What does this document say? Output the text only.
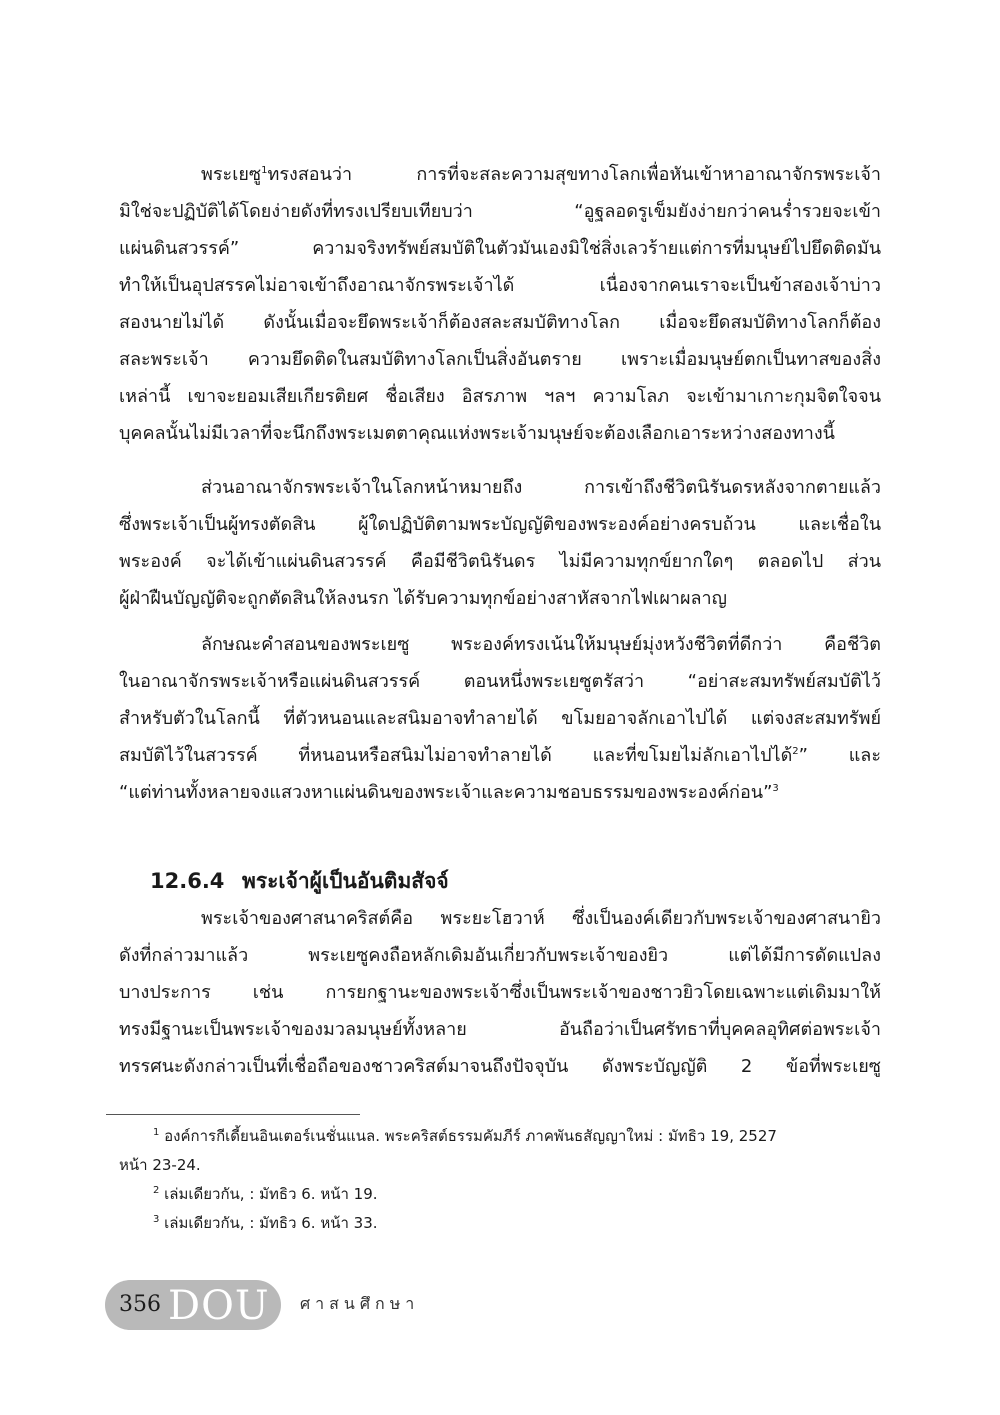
พระเยซู$^1$ทรงสอนว่า การที่จะสละความสุขทางโลกเพื่อหันเข้าหาอาณาจักรพระเจ้า
มิใช่จะปฏิบัติได้โดยง่ายดังที่ทรงเปรียบเทียบว่า “อูฐลอดรูเข็มยังง่ายกว่าคนร่ำรวยจะเข้า
แผ่นดินสวรรค์” ความจริงทรัพย์สมบัติในตัวมันเองมิใช่สิ่งเลวร้ายแต่การที่มนุษย์ไปยึดติดมัน
ทำให้เป็นอุปสรรคไม่อาจเข้าถึงอาณาจักรพระเจ้าได้ เนื่องจากคนเราจะเป็นข้าสองเจ้าบ่าว
สองนายไม่ได้ ดังนั้นเมื่อจะยึดพระเจ้าก็ต้องสละสมบัติทางโลก เมื่อจะยึดสมบัติทางโลกก็ต้อง
สละพระเจ้า ความยึดติดในสมบัติทางโลกเป็นสิ่งอันตราย เพราะเมื่อมนุษย์ตกเป็นทาสของสิ่ง
เหล่านี้ เขาจะยอมเสียเกียรติยศ ชื่อเสียง อิสรภาพ ฯลฯ ความโลภ จะเข้ามาเกาะกุมจิตใจจน
บุคคลนั้นไม่มีเวลาที่จะนึกถึงพระเมตตาคุณแห่งพระเจ้ามนุษย์จะต้องเลือกเอาระหว่างสองทางนี้
ส่วนอาณาจักรพระเจ้าในโลกหน้าหมายถึง การเข้าถึงชีวิตนิรันดรหลังจากตายแล้ว
ซึ่งพระเจ้าเป็นผู้ทรงตัดสิน ผู้ใดปฏิบัติตามพระบัญญัติของพระองค์อย่างครบถ้วน และเชื่อใน
พระองค์ จะได้เข้าแผ่นดินสวรรค์ คือมีชีวิตนิรันดร ไม่มีความทุกข์ยากใดๆ ตลอดไป ส่วน
ผู้ฝ่าฝืนบัญญัติจะถูกตัดสินให้ลงนรก ได้รับความทุกข์อย่างสาหัสจากไฟเผาผลาญ
ลักษณะคำสอนของพระเยซู พระองค์ทรงเน้นให้มนุษย์มุ่งหวังชีวิตที่ดีกว่า คือชีวิต
ในอาณาจักรพระเจ้าหรือแผ่นดินสวรรค์ ตอนหนึ่งพระเยซูตรัสว่า “อย่าสะสมทรัพย์สมบัติไว้
สำหรับตัวในโลกนี้ ที่ตัวหนอนและสนิมอาจทำลายได้ ขโมยอาจลักเอาไปได้ แต่จงสะสมทรัพย์
สมบัติไว้ในสวรรค์ ที่หนอนหรือสนิมไม่อาจทำลายได้ และที่ขโมยไม่ลักเอาไปได้$^2$” และ
“แต่ท่านทั้งหลายจงแสวงหาแผ่นดินของพระเจ้าและความชอบธรรมของพระองค์ก่อน”$^3$
12.6.4 พระเจ้าผู้เป็นอันติมสัจจ์
พระเจ้าของศาสนาคริสต์คือ พระยะโฮวาห์ ซึ่งเป็นองค์เดียวกับพระเจ้าของศาสนายิว
ดังที่กล่าวมาแล้ว พระเยซูคงถือหลักเดิมอันเกี่ยวกับพระเจ้าของยิว แต่ได้มีการดัดแปลง
บางประการ เช่น การยกฐานะของพระเจ้าซึ่งเป็นพระเจ้าของชาวยิวโดยเฉพาะแต่เดิมมาให้
ทรงมีฐานะเป็นพระเจ้าของมวลมนุษย์ทั้งหลาย อันถือว่าเป็นศรัทธาที่บุคคลอุทิศต่อพระเจ้า
ทรรศนะดังกล่าวเป็นที่เชื่อถือของชาวคริสต์มาจนถึงปัจจุบัน ดังพระบัญญัติ 2 ข้อที่พระเยซู
$^1$ องค์การกีเดี้ยนอินเตอร์เนชั่นแนล. พระคริสต์ธรรมคัมภีร์ ภาคพันธสัญญาใหม่ : มัทธิว 19, 2527
หน้า 23-24.
$^2$ เล่มเดียวกัน, : มัทธิว 6. หน้า 19.
$^3$ เล่มเดียวกัน, : มัทธิว 6. หน้า 33.
356 DOU ศาสนศึกษา
